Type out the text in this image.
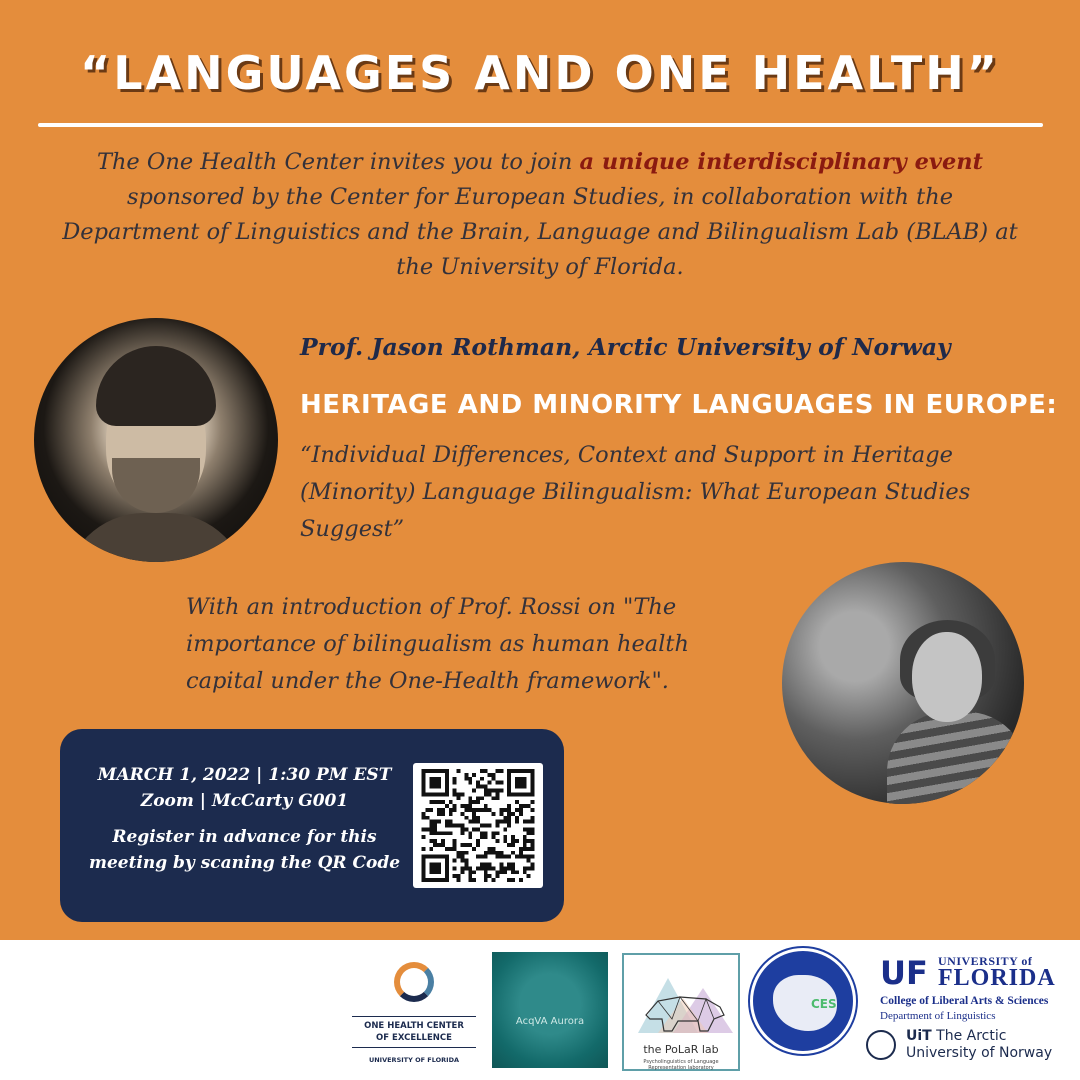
“LANGUAGES AND ONE HEALTH”
The One Health Center invites you to join a unique interdisciplinary event sponsored by the Center for European Studies, in collaboration with the Department of Linguistics and the Brain, Language and Bilingualism Lab (BLAB) at the University of Florida.
Prof. Jason Rothman, Arctic University of Norway
HERITAGE AND MINORITY LANGUAGES IN EUROPE:
“Individual Differences, Context and Support in Heritage (Minority) Language Bilingualism: What European Studies Suggest”
With an introduction of Prof. Rossi on "The importance of bilingualism as human health capital under the One-Health framework".
MARCH 1, 2022 | 1:30 PM EST
Zoom | McCarty G001
Register in advance for this meeting by scaning the QR Code
ONE HEALTH CENTER
OF EXCELLENCE
UNIVERSITY OF FLORIDA
AcqVA Aurora
the PoLaR lab
Psycholinguistics of Language Representation laboratory
CES
UF UNIVERSITY of
FLORIDA
College of Liberal Arts & Sciences
Department of Linguistics
UiT The Arctic
University of Norway
